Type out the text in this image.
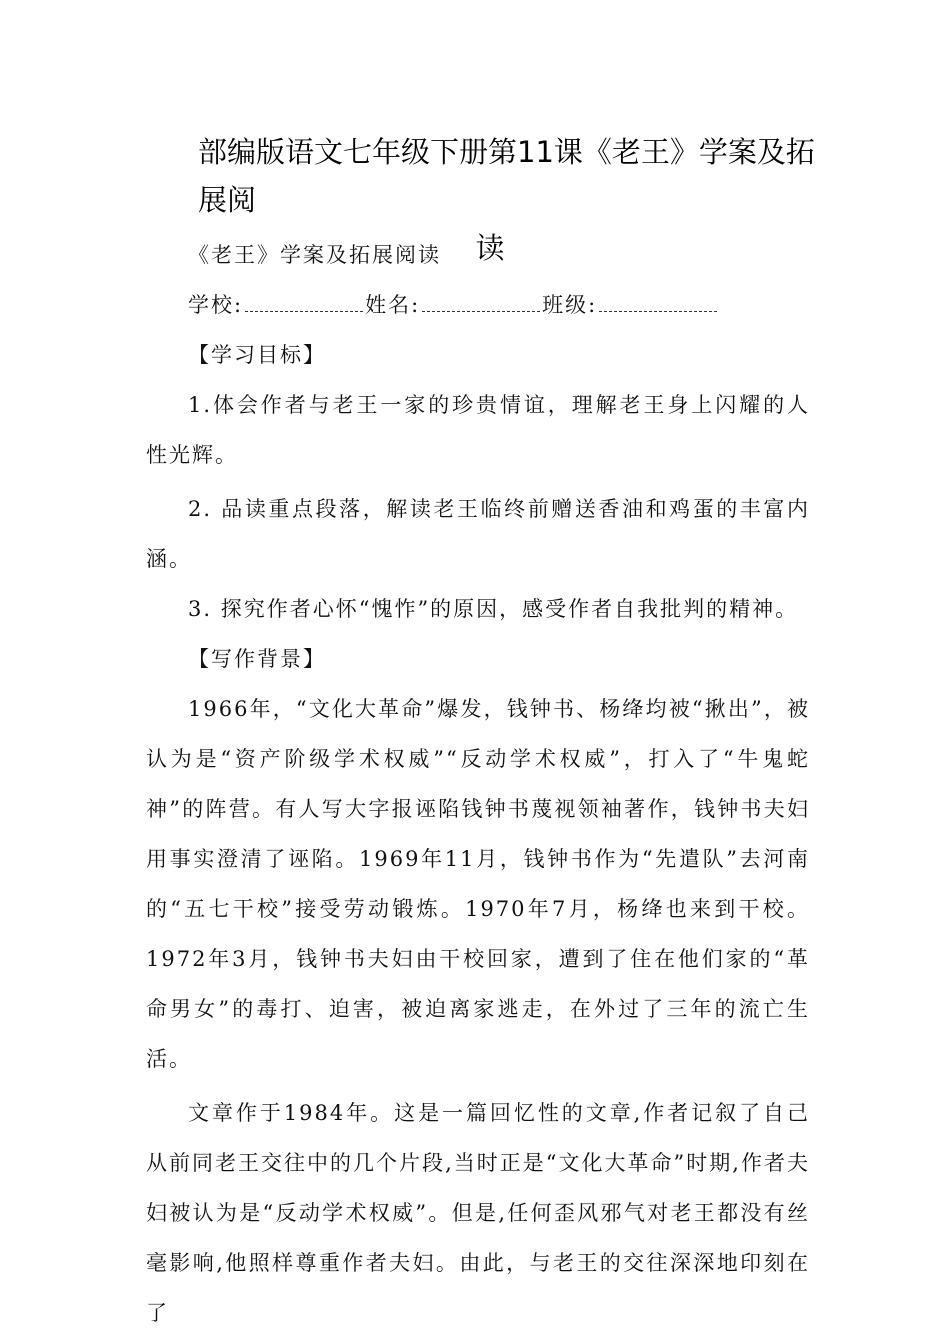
部编版语文七年级下册第11课《老王》学案及拓展阅
读

《老王》学案及拓展阅读

学校:	姓名:	班级:

【学习目标】

1.体会作者与老王一家的珍贵情谊，理解老王身上闪耀的人性光辉。

2. 品读重点段落，解读老王临终前赠送香油和鸡蛋的丰富内涵。

3. 探究作者心怀“愧怍”的原因，感受作者自我批判的精神。

【写作背景】

1966年，“文化大革命”爆发，钱钟书、杨绛均被“揪出”，被认为是“资产阶级学术权威”“反动学术权威”，打入了“牛鬼蛇神”的阵营。有人写大字报诬陷钱钟书蔑视领袖著作，钱钟书夫妇用事实澄清了诬陷。1969年11月，钱钟书作为“先遣队”去河南的“五七干校”接受劳动锻炼。1970年7月，杨绛也来到干校。1972年3月，钱钟书夫妇由干校回家，遭到了住在他们家的“革命男女”的毒打、迫害，被迫离家逃走，在外过了三年的流亡生活。

文章作于1984年。这是一篇回忆性的文章,作者记叙了自己从前同老王交往中的几个片段,当时正是“文化大革命”时期,作者夫妇被认为是“反动学术权威”。但是,任何歪风邪气对老王都没有丝毫影响,他照样尊重作者夫妇。由此，与老王的交往深深地印刻在了
